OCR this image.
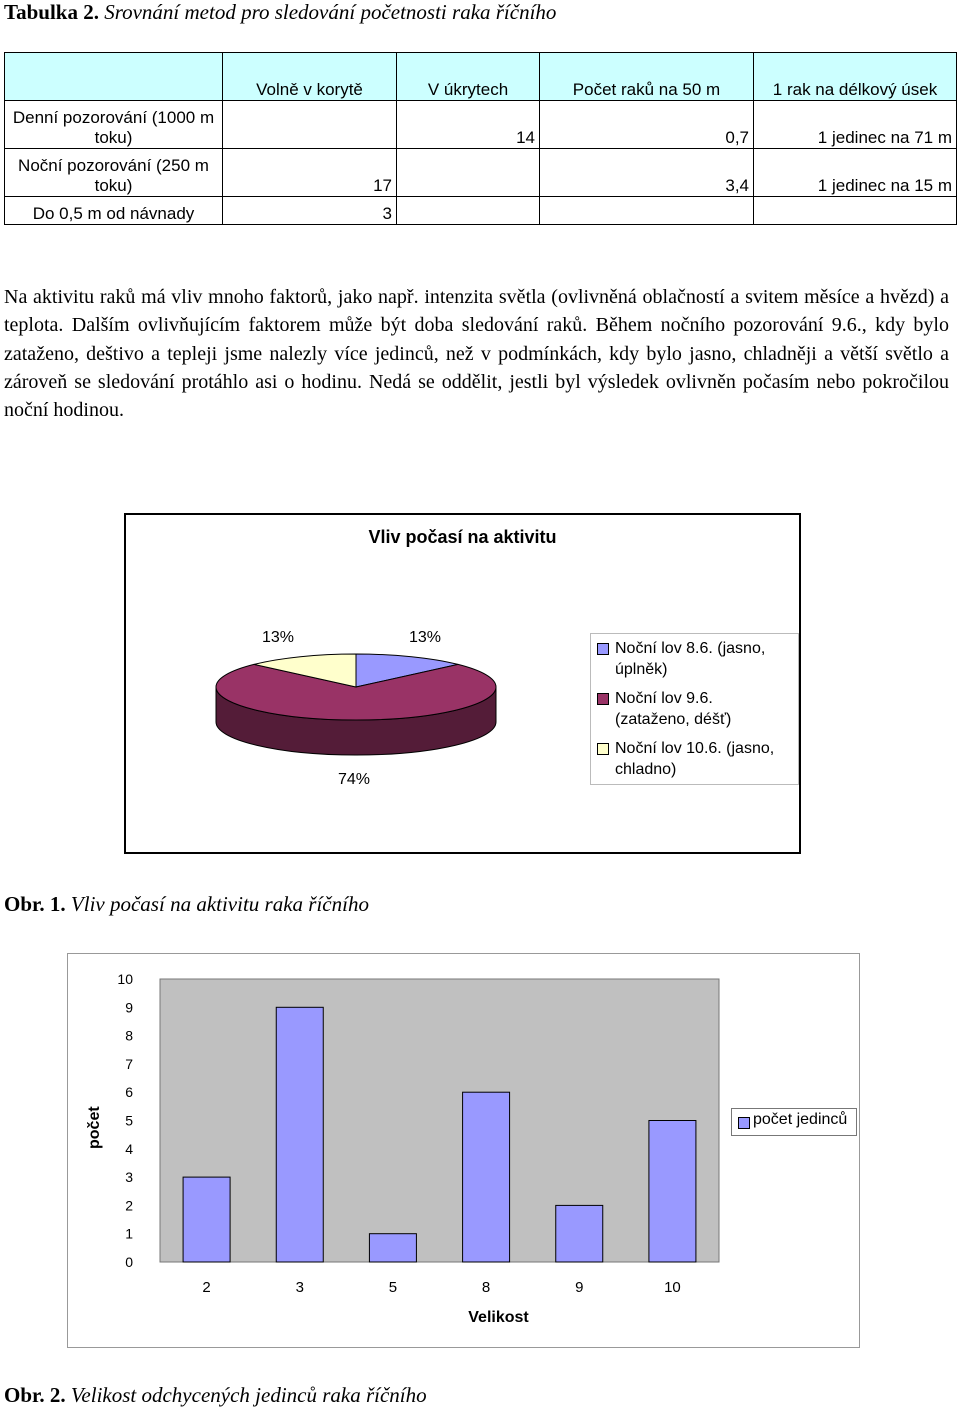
Tabulka 2. Srovnání metod pro sledování početnosti raka říčního
	Volně v korytě	V úkrytech	Počet raků na 50 m	1 rak na délkový úsek
Denní pozorování (1000 m toku)		14	0,7	1 jedinec na 71 m
Noční pozorování (250 m toku)	17		3,4	1 jedinec na 15 m
Do 0,5 m od návnady	3			
Na aktivitu raků má vliv mnoho faktorů, jako např. intenzita světla (ovlivněná oblačností a svitem měsíce a hvězd) a teplota. Dalším ovlivňujícím faktorem může být doba sledování raků. Během nočního pozorování 9.6., kdy bylo zataženo, deštivo a tepleji jsme nalezly více jedinců, než v podmínkách, kdy bylo jasno, chladněji a větší světlo a zároveň se sledování protáhlo asi o hodinu. Nedá se oddělit, jestli byl výsledek ovlivněn počasím nebo pokročilou noční hodinou.
Vliv počasí na aktivitu
13%	13%
74%
Noční lov 8.6. (jasno, úplněk)
Noční lov 9.6. (zataženo, déšť)
Noční lov 10.6. (jasno, chladno)
Obr. 1. Vliv počasí na aktivitu raka říčního
0
1
2
3
4
5
6
7
8
9
10
2	3	5	8	9	10
počet
Velikost
počet jedinců
Obr. 2. Velikost odchycených jedinců raka říčního
